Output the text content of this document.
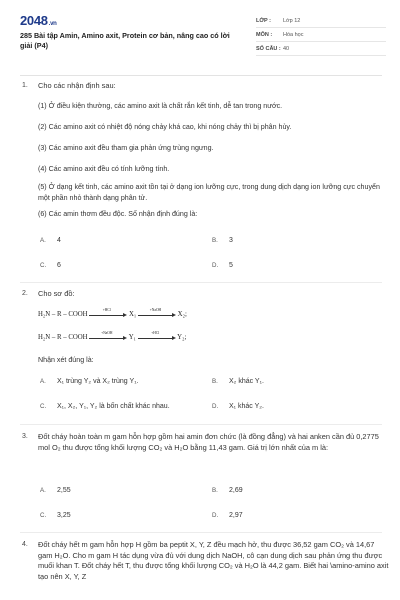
2048.vn
285 Bài tập Amin, Amino axit, Protein cơ bản, nâng cao có lời giải (P4)
LỚP :	Lớp 12
MÔN :	Hóa học
SỐ CÂU : 40
1. Cho các nhận định sau:
(1) Ở điều kiện thường, các amino axit là chất rắn kết tinh, dễ tan trong nước.
(2) Các amino axit có nhiệt độ nóng chảy khá cao, khi nóng chảy thì bị phân hủy.
(3) Các amino axit đều tham gia phản ứng trùng ngưng.
(4) Các amino axit đều có tính lưỡng tính.
(5) Ở dạng kết tinh, các amino axit tồn tại ở dạng ion lưỡng cực, trong dung dịch dạng ion lưỡng cực chuyển một phần nhỏ thành dạng phân tử.
(6) Các amin thơm đều độc. Số nhận định đúng là:
A. 4	B. 3
C. 6	D. 5
2. Cho sơ đồ:
H₂N – R – COOH
+HCl
X₁
+NaOH
X₂;
H₂N – R – COOH
+NaOH
Y₁
+HCl
Y₂;
Nhận xét đúng là:
A. X₁ trùng Y₂ và X₂ trùng Y₁.	B. X₂ khác Y₁.
C. X₁, X₂, Y₁, Y₂ là bốn chất khác nhau.	D. X₁ khác Y₂.
3. Đốt cháy hoàn toàn m gam hỗn hợp gồm hai amin đơn chức (là đồng đẳng) và hai anken cần đủ 0,2775 mol O₂ thu được tổng khối lượng CO₂ và H₂O bằng 11,43 gam. Giá trị lớn nhất của m là:
A. 2,55	B. 2,69
C. 3,25	D. 2,97
4. Đốt cháy hết m gam hỗn hợp H gồm ba peptit X, Y, Z đều mạch hở, thu được 36,52 gam CO₂ và 14,67 gam H₂O. Cho m gam H tác dụng vừa đủ với dung dịch NaOH, cô cạn dung dịch sau phản ứng thu được muối khan T. Đốt cháy hết T, thu được tổng khối lượng CO₂ và H₂O là 44,2 gam. Biết hai \amino-amino axit tạo nên X, Y, Z
